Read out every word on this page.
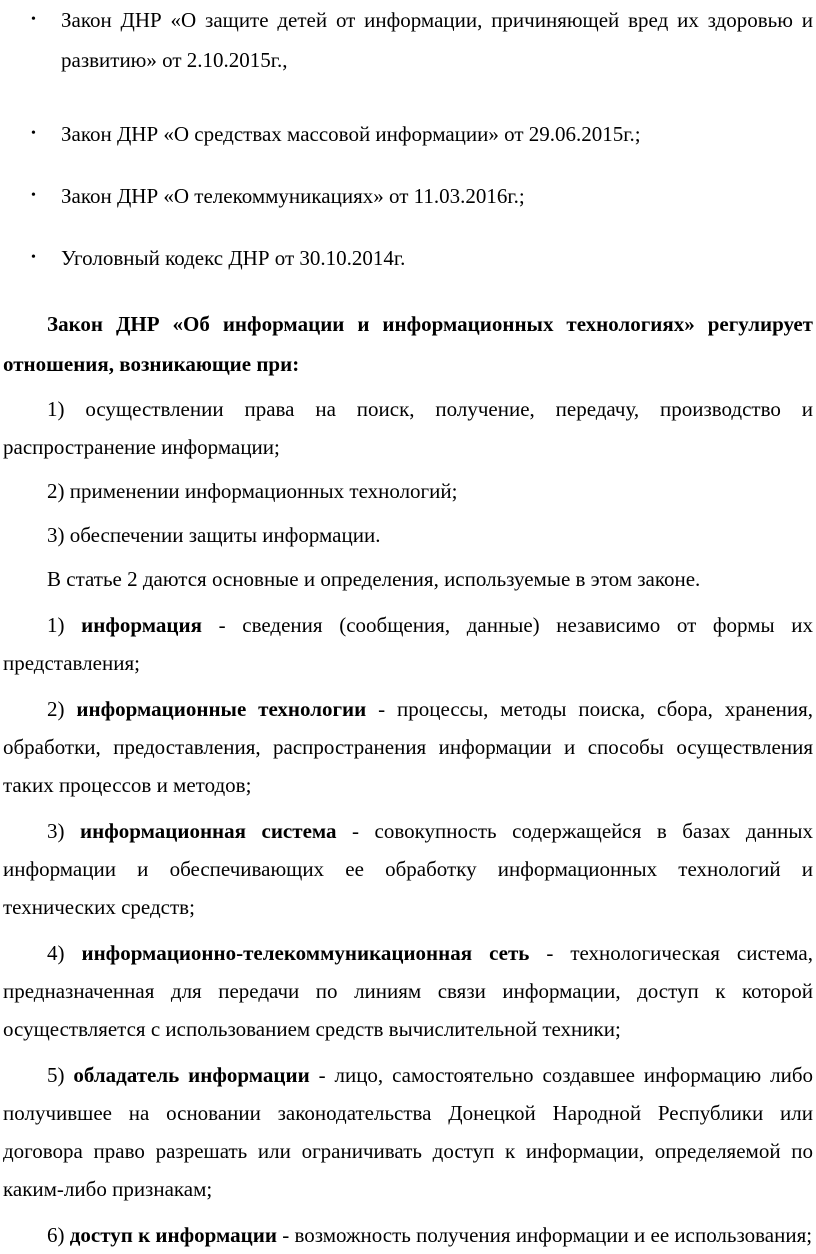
• Закон ДНР «О защите детей от информации, причиняющей вред их здоровью и развитию» от 2.10.2015г.,
• Закон ДНР «О средствах массовой информации» от 29.06.2015г.;
• Закон ДНР «О телекоммуникациях» от 11.03.2016г.;
• Уголовный кодекс ДНР от 30.10.2014г.

Закон ДНР «Об информации и информационных технологиях» регулирует отношения, возникающие при:

1) осуществлении права на поиск, получение, передачу, производство и распространение информации;

2) применении информационных технологий;

3) обеспечении защиты информации.

В статье 2 даются основные и определения, используемые в этом законе.

1) информация - сведения (сообщения, данные) независимо от формы их представления;

2) информационные технологии - процессы, методы поиска, сбора, хранения, обработки, предоставления, распространения информации и способы осуществления таких процессов и методов;

3) информационная система - совокупность содержащейся в базах данных информации и обеспечивающих ее обработку информационных технологий и технических средств;

4) информационно-телекоммуникационная сеть - технологическая система, предназначенная для передачи по линиям связи информации, доступ к которой осуществляется с использованием средств вычислительной техники;

5) обладатель информации - лицо, самостоятельно создавшее информацию либо получившее на основании законодательства Донецкой Народной Республики или договора право разрешать или ограничивать доступ к информации, определяемой по каким-либо признакам;

6) доступ к информации - возможность получения информации и ее использования;
